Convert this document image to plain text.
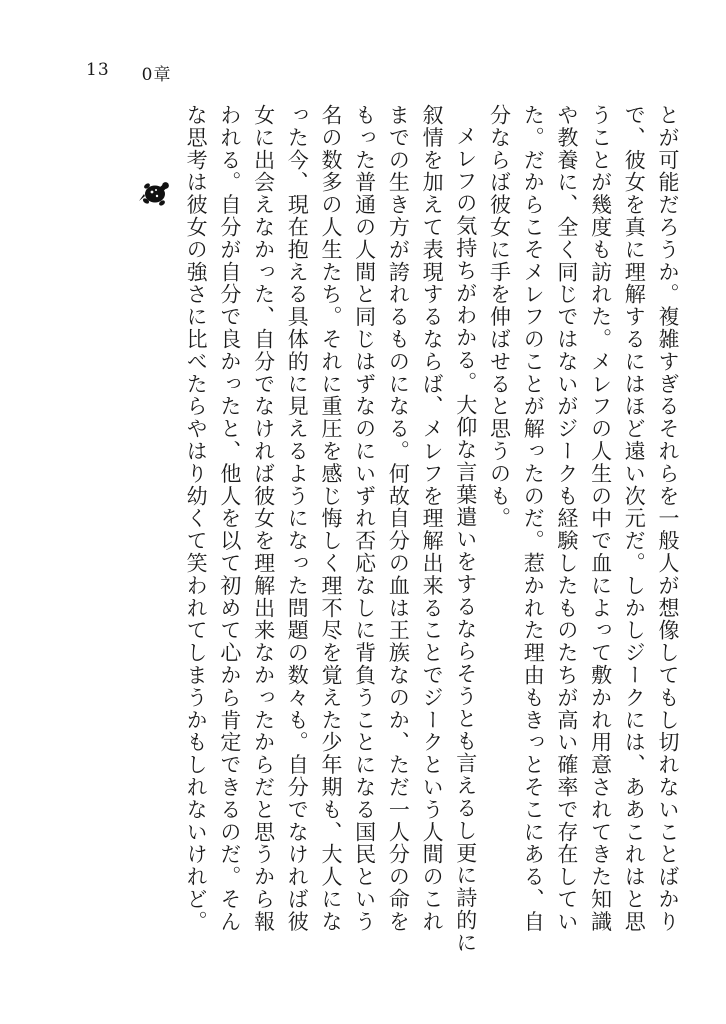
13 0章

とが可能だろうか。複雑すぎるそれらを一般人が想像してもし切れないことばかりで、彼女を真に理解するにはほど遠い次元だ。しかしジークには、ああこれはと思うことが幾度も訪れた。メレフの人生の中で血によって敷かれ用意されてきた知識や教養に、全く同じではないがジークも経験したものたちが高い確率で存在していた。だからこそメレフのことが解ったのだ。惹かれた理由もきっとそこにある、自分ならば彼女に手を伸ばせると思うのも。

メレフの気持ちがわかる。大仰な言葉遣いをするならそうとも言えるし更に詩的に叙情を加えて表現するならば、メレフを理解出来ることでジークという人間のこれまでの生き方が誇れるものになる。何故自分の血は王族なのか、ただ一人分の命をもった普通の人間と同じはずなのにいずれ否応なしに背負うことになる国民という名の数多の人生たち。それに重圧を感じ悔しく理不尽を覚えた少年期も、大人になった今、現在抱える具体的に見えるようになった問題の数々も。自分でなければ彼女に出会えなかった、自分でなければ彼女を理解出来なかったからだと思うから報われる。自分が自分で良かったと、他人を以て初めて心から肯定できるのだ。そんな思考は彼女の強さに比べたらやはり幼くて笑われてしまうかもしれないけれど。
